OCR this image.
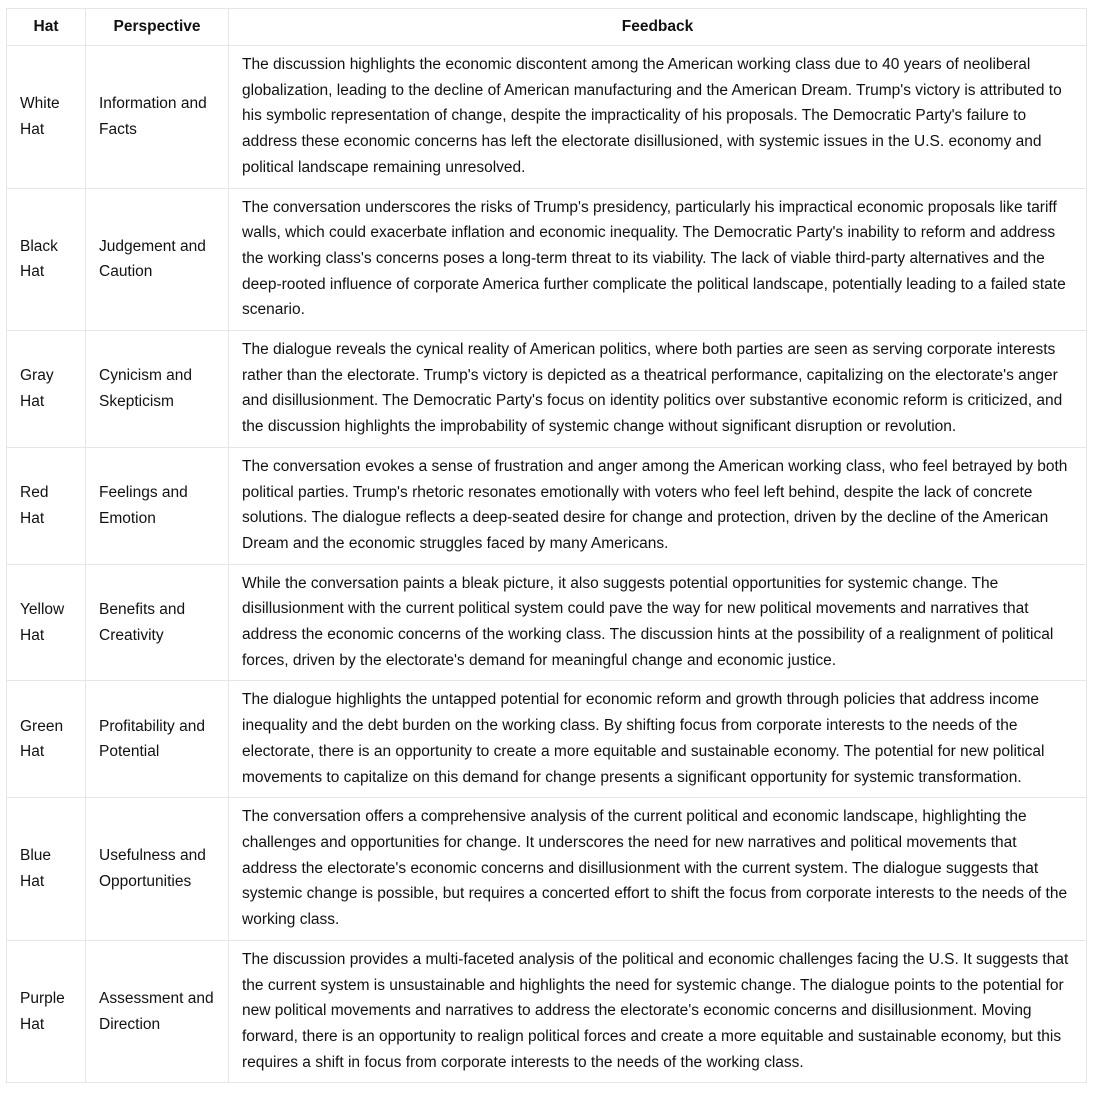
Hat	Perspective	Feedback
White Hat	Information and Facts	The discussion highlights the economic discontent among the American working class due to 40 years of neoliberal globalization, leading to the decline of American manufacturing and the American Dream. Trump's victory is attributed to his symbolic representation of change, despite the impracticality of his proposals. The Democratic Party's failure to address these economic concerns has left the electorate disillusioned, with systemic issues in the U.S. economy and political landscape remaining unresolved.
Black Hat	Judgement and Caution	The conversation underscores the risks of Trump's presidency, particularly his impractical economic proposals like tariff walls, which could exacerbate inflation and economic inequality. The Democratic Party's inability to reform and address the working class's concerns poses a long-term threat to its viability. The lack of viable third-party alternatives and the deep-rooted influence of corporate America further complicate the political landscape, potentially leading to a failed state scenario.
Gray Hat	Cynicism and Skepticism	The dialogue reveals the cynical reality of American politics, where both parties are seen as serving corporate interests rather than the electorate. Trump's victory is depicted as a theatrical performance, capitalizing on the electorate's anger and disillusionment. The Democratic Party's focus on identity politics over substantive economic reform is criticized, and the discussion highlights the improbability of systemic change without significant disruption or revolution.
Red Hat	Feelings and Emotion	The conversation evokes a sense of frustration and anger among the American working class, who feel betrayed by both political parties. Trump's rhetoric resonates emotionally with voters who feel left behind, despite the lack of concrete solutions. The dialogue reflects a deep-seated desire for change and protection, driven by the decline of the American Dream and the economic struggles faced by many Americans.
Yellow Hat	Benefits and Creativity	While the conversation paints a bleak picture, it also suggests potential opportunities for systemic change. The disillusionment with the current political system could pave the way for new political movements and narratives that address the economic concerns of the working class. The discussion hints at the possibility of a realignment of political forces, driven by the electorate's demand for meaningful change and economic justice.
Green Hat	Profitability and Potential	The dialogue highlights the untapped potential for economic reform and growth through policies that address income inequality and the debt burden on the working class. By shifting focus from corporate interests to the needs of the electorate, there is an opportunity to create a more equitable and sustainable economy. The potential for new political movements to capitalize on this demand for change presents a significant opportunity for systemic transformation.
Blue Hat	Usefulness and Opportunities	The conversation offers a comprehensive analysis of the current political and economic landscape, highlighting the challenges and opportunities for change. It underscores the need for new narratives and political movements that address the electorate's economic concerns and disillusionment with the current system. The dialogue suggests that systemic change is possible, but requires a concerted effort to shift the focus from corporate interests to the needs of the working class.
Purple Hat	Assessment and Direction	The discussion provides a multi-faceted analysis of the political and economic challenges facing the U.S. It suggests that the current system is unsustainable and highlights the need for systemic change. The dialogue points to the potential for new political movements and narratives to address the electorate's economic concerns and disillusionment. Moving forward, there is an opportunity to realign political forces and create a more equitable and sustainable economy, but this requires a shift in focus from corporate interests to the needs of the working class.
